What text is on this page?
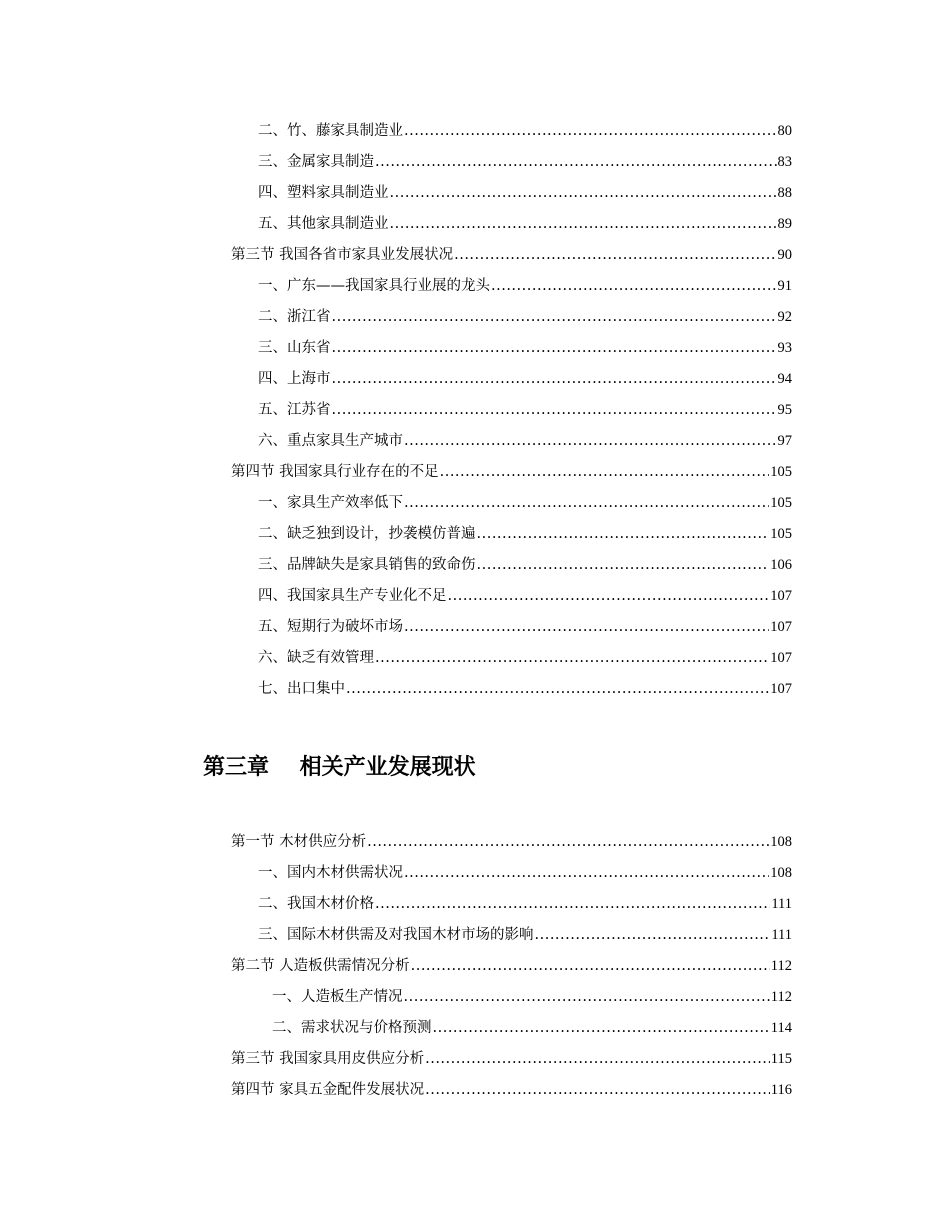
二、竹、藤家具制造业 .....	80
三、金属家具制造 .....	83
四、塑料家具制造业 .....	88
五、其他家具制造业 .....	89
第三节 我国各省市家具业发展状况 .....	90
一、广东——我国家具行业展的龙头 .....	91
二、浙江省 .....	92
三、山东省 .....	93
四、上海市 .....	94
五、江苏省 .....	95
六、重点家具生产城市 .....	97
第四节 我国家具行业存在的不足 .....	105
一、家具生产效率低下 .....	105
二、缺乏独到设计，抄袭模仿普遍 .....	105
三、品牌缺失是家具销售的致命伤 .....	106
四、我国家具生产专业化不足 .....	107
五、短期行为破坏市场 .....	107
六、缺乏有效管理 .....	107
七、出口集中 .....	107
第三章    相关产业发展现状
第一节 木材供应分析 .....	108
一、国内木材供需状况 .....	108
二、我国木材价格 .....	111
三、国际木材供需及对我国木材市场的影响 .....	111
第二节 人造板供需情况分析 .....	112
一、人造板生产情况 .....	112
二、需求状况与价格预测 .....	114
第三节 我国家具用皮供应分析 .....	115
第四节 家具五金配件发展状况 .....	116
